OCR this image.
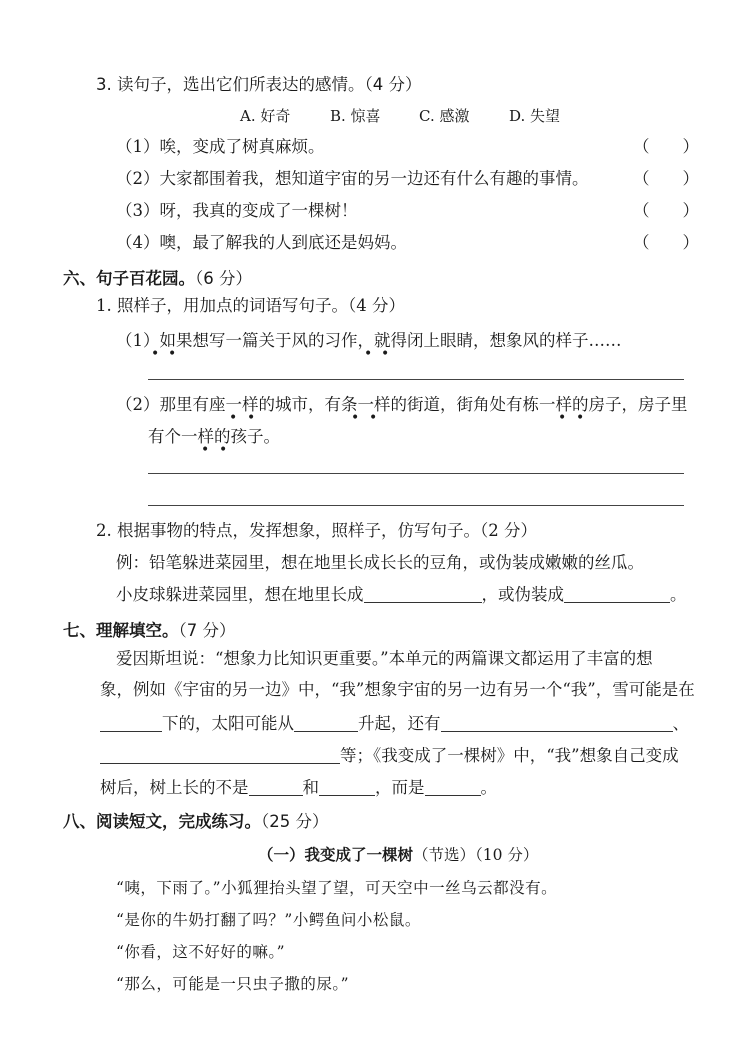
3. 读句子，选出它们所表达的感情。（4 分）
A. 好奇	B. 惊喜	C. 感激	D. 失望
（1）唉，变成了树真麻烦。	（　　）
（2）大家都围着我，想知道宇宙的另一边还有什么有趣的事情。	（　　）
（3）呀，我真的变成了一棵树！	（　　）
（4）噢，最了解我的人到底还是妈妈。	（　　）
六、句子百花园。（6 分）
1. 照样子，用加点的词语写句子。（4 分）
（1）如果想写一篇关于风的习作，就得闭上眼睛，想象风的样子……
• •	• •
（2）那里有座一样的城市，有条一样的街道，街角处有栋一样的房子，房子里
• •	• •	• •
有个一样的孩子。
• •
2. 根据事物的特点，发挥想象，照样子，仿写句子。（2 分）
例：铅笔躲进菜园里，想在地里长成长长的豆角，或伪装成嫩嫩的丝瓜。
小皮球躲进菜园里，想在地里长成	，或伪装成	。
七、理解填空。（7 分）
爱因斯坦说：“想象力比知识更重要。”本单元的两篇课文都运用了丰富的想
象，例如《宇宙的另一边》中，“我”想象宇宙的另一边有另一个“我”，雪可能是在
下的，太阳可能从	升起，还有	、
等；《我变成了一棵树》中，“我”想象自己变成
树后，树上长的不是	和	，而是	。
八、阅读短文，完成练习。（25 分）
（一）我变成了一棵树（节选）（10 分）
“咦，下雨了。”小狐狸抬头望了望，可天空中一丝乌云都没有。
“是你的牛奶打翻了吗？”小鳄鱼问小松鼠。
“你看，这不好好的嘛。”
“那么，可能是一只虫子撒的尿。”
